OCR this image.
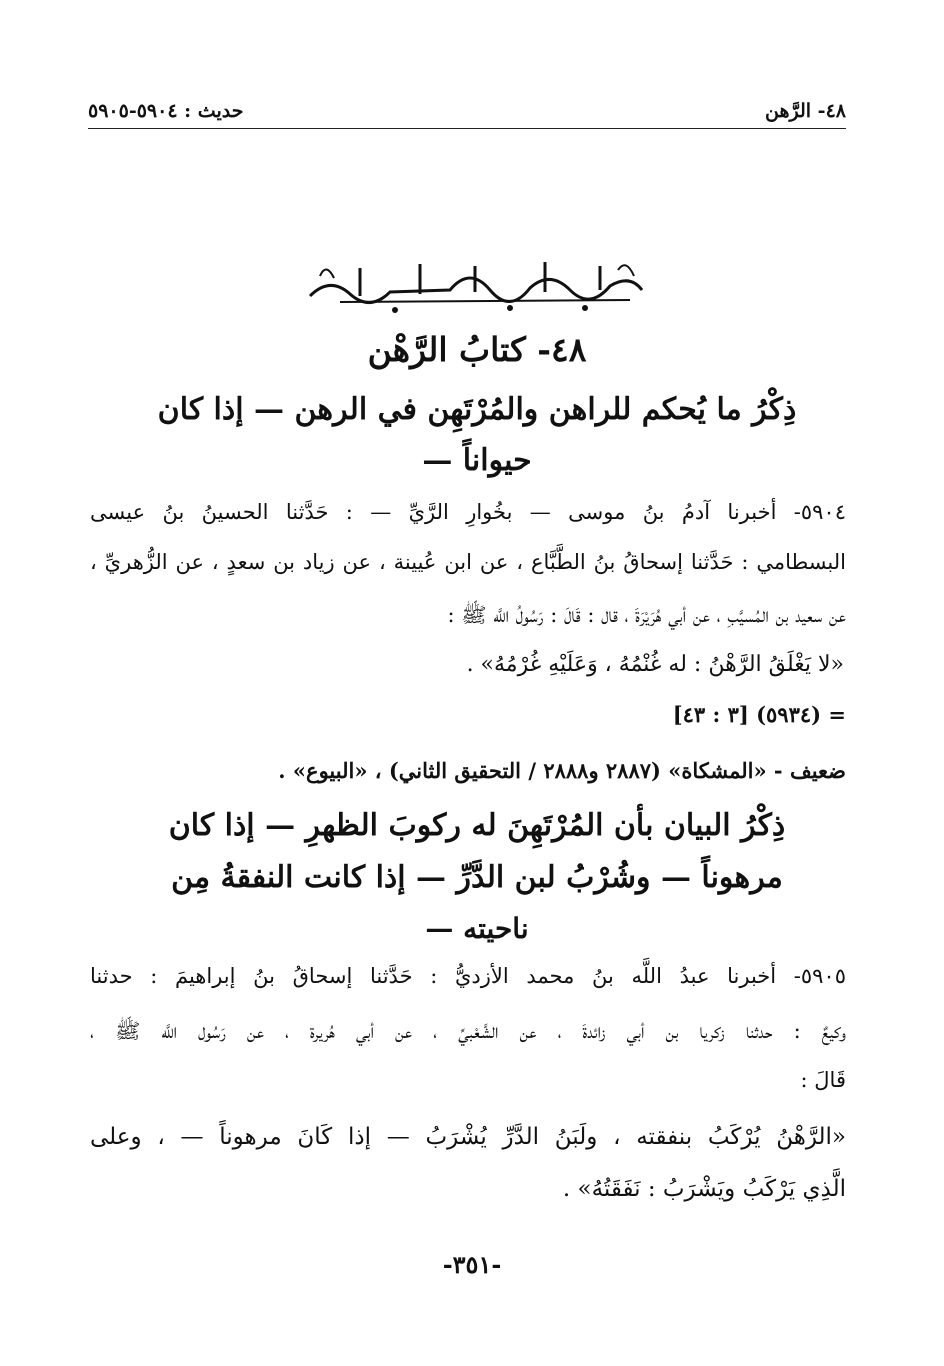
حديث : ٥٩٠٤-٥٩٠٥	٤٨- الرَّهن
٤٨- كتابُ الرَّهْن
ذِكْرُ ما يُحكم للراهن والمُرْتَهِن في الرهن — إذا كان
حيواناً —
٥٩٠٤- أخبرنا آدمُ بنُ موسى — بخُوارِ الرَّيِّ — : حَدَّثنا الحسينُ بنُ عيسى
البسطامي : حَدَّثنا إسحاقُ بنُ الطَّبَّاع ، عن ابن عُيينة ، عن زياد بن سعدٍ ، عن الزُّهريِّ ،
عن سعيد بن المُسيَّبِ ، عن أبي هُرَيْرَةَ ، قال : قَالَ : رَسُولُ اللَّه ﷺ :
«لا يَغْلَقُ الرَّهْنُ : له غُنْمُهُ ، وَعَلَيْهِ غُرْمُهُ» .
= (٥٩٣٤) [٣ : ٤٣]
ضعيف - «المشكاة» (٢٨٨٧ و٢٨٨٨ / التحقيق الثاني) ، «البيوع» .
ذِكْرُ البيان بأن المُرْتَهِنَ له ركوبَ الظهرِ — إذا كان
مرهوناً — وشُرْبُ لبن الدَّرِّ — إذا كانت النفقةُ مِن
ناحيته —
٥٩٠٥- أخبرنا عبدُ اللَّه بنُ محمد الأزديُّ : حَدَّثنا إسحاقُ بنُ إبراهيمَ : حدثنا
وكيعٌ : حدثنا زكريا بن أبي زائدةَ ، عن الشَّعْبيِّ ، عن أبي هُريرة ، عن رَسُول اللَّه ﷺ ،
قَالَ :
«الرَّهْنُ يُرْكَبُ بنفقته ، ولَبَنُ الدَّرِّ يُشْرَبُ — إذا كَانَ مرهوناً — ، وعلى
الَّذِي يَرْكَبُ ويَشْرَبُ : نَفَقَتُهُ» .
-٣٥١-
